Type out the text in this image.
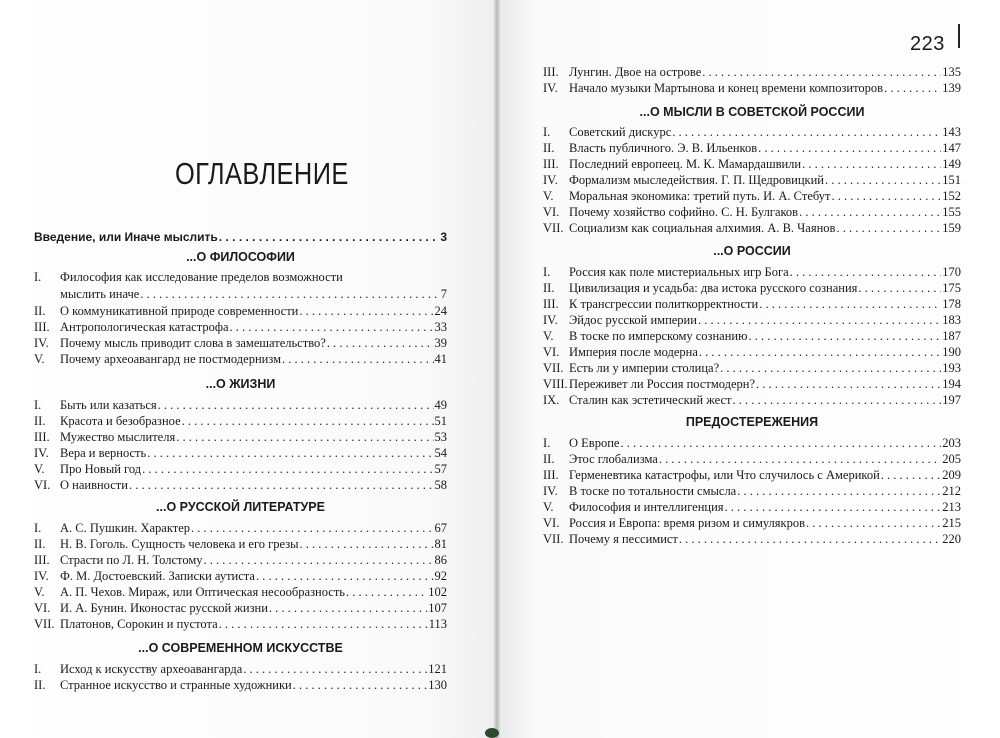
223
ОГЛАВЛЕНИЕ
Введение, или Иначе мыслить . . .	3
...О ФИЛОСОФИИ
I. Философия как исследование пределов возможности
мыслить иначе . . .	7
II.	О коммуникативной природе современности . . .	24
III. Антропологическая катастрофа . . .	33
IV. Почему мысль приводит слова в замешательство? . . .	39
V.	Почему археоавангард не постмодернизм . . .	41
...О ЖИЗНИ
I.	Быть или казаться . . .	49
II.	Красота и безобразное . . .	51
III. Мужество мыслителя . . .	53
IV. Вера и верность . . .	54
V.	Про Новый год . . .	57
VI. О наивности . . .	58
...О РУССКОЙ ЛИТЕРАТУРЕ
I.	А. С. Пушкин. Характер . . .	67
II.	Н. В. Гоголь. Сущность человека и его грезы . . .	81
III. Страсти по Л. Н. Толстому . . .	86
IV. Ф. М. Достоевский. Записки аутиста . . .	92
V.	А. П. Чехов. Мираж, или Оптическая несообразность . . .	102
VI. И. А. Бунин. Иконостас русской жизни . . .	107
VII. Платонов, Сорокин и пустота . . .	113
...О СОВРЕМЕННОМ ИСКУССТВЕ
I.	Исход к искусству археоавангарда . . .	121
II.	Странное искусство и странные художники . . .	130
III. Лунгин. Двое на острове . . .	135
IV. Начало музыки Мартынова и конец времени композиторов . . .	139
...О МЫСЛИ В СОВЕТСКОЙ РОССИИ
I.	Советский дискурс . . .	143
II.	Власть публичного. Э. В. Ильенков . . .	147
III. Последний европеец. М. К. Мамардашвили . . .	149
IV. Формализм мыследействия. Г. П. Щедровицкий . . .	151
V.	Моральная экономика: третий путь. И. А. Стебут . . .	152
VI. Почему хозяйство софийно. С. Н. Булгаков . . .	155
VII. Социализм как социальная алхимия. А. В. Чаянов . . .	159
...О РОССИИ
I.	Россия как поле мистериальных игр Бога . . .	170
II.	Цивилизация и усадьба: два истока русского сознания . . .	175
III. К трансгрессии политкорректности . . .	178
IV. Эйдос русской империи . . .	183
V.	В тоске по имперскому сознанию . . .	187
VI. Империя после модерна . . .	190
VII. Есть ли у империи столица? . . .	193
VIII. Переживет ли Россия постмодерн? . . .	194
IX. Сталин как эстетический жест . . .	197
ПРЕДОСТЕРЕЖЕНИЯ
I.	О Европе . . .	203
II.	Этос глобализма . . .	205
III. Герменевтика катастрофы, или Что случилось с Америкой . . .	209
IV. В тоске по тотальности смысла . . .	212
V.	Философия и интеллигенция . . .	213
VI. Россия и Европа: время ризом и симулякров . . .	215
VII. Почему я пессимист . . .	220
